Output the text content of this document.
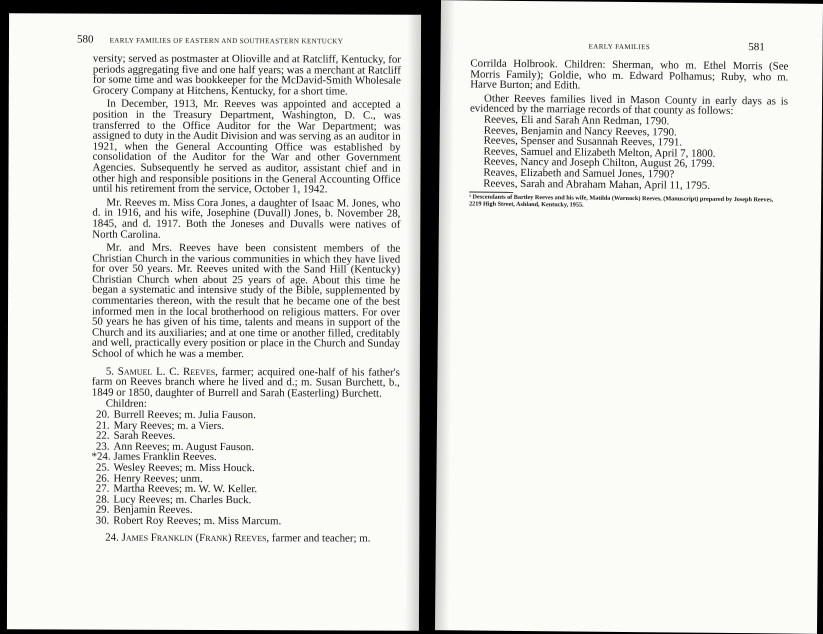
580 EARLY FAMILIES OF EASTERN AND SOUTHEASTERN KENTUCKY

versity; served as postmaster at Olioville and at Ratcliff, Kentucky, for periods aggregating five and one half years; was a merchant at Ratcliff for some time and was bookkeeper for the McDavid-Smith Wholesale Grocery Company at Hitchens, Kentucky, for a short time.

In December, 1913, Mr. Reeves was appointed and accepted a position in the Treasury Department, Washington, D. C., was transferred to the Office Auditor for the War Department; was assigned to duty in the Audit Division and was serving as an auditor in 1921, when the General Accounting Office was established by consolidation of the Auditor for the War and other Government Agencies. Subsequently he served as auditor, assistant chief and in other high and responsible positions in the General Accounting Office until his retirement from the service, October 1, 1942.

Mr. Reeves m. Miss Cora Jones, a daughter of Isaac M. Jones, who d. in 1916, and his wife, Josephine (Duvall) Jones, b. November 28, 1845, and d. 1917. Both the Joneses and Duvalls were natives of North Carolina.

Mr. and Mrs. Reeves have been consistent members of the Christian Church in the various communities in which they have lived for over 50 years. Mr. Reeves united with the Sand Hill (Kentucky) Christian Church when about 25 years of age. About this time he began a systematic and intensive study of the Bible, supplemented by commentaries thereon, with the result that he became one of the best informed men in the local brotherhood on religious matters. For over 50 years he has given of his time, talents and means in support of the Church and its auxiliaries; and at one time or another filled, creditably and well, practically every position or place in the Church and Sunday School of which he was a member.

5. Samuel L. C. Reeves, farmer; acquired one-half of his father's farm on Reeves branch where he lived and d.; m. Susan Burchett, b., 1849 or 1850, daughter of Burrell and Sarah (Easterling) Burchett.

Children:

20. Burrell Reeves; m. Julia Fauson.
21. Mary Reeves; m. a Viers.
22. Sarah Reeves.
23. Ann Reeves; m. August Fauson.
*24. James Franklin Reeves.
25. Wesley Reeves; m. Miss Houck.
26. Henry Reeves; unm.
27. Martha Reeves; m. W. W. Keller.
28. Lucy Reeves; m. Charles Buck.
29. Benjamin Reeves.
30. Robert Roy Reeves; m. Miss Marcum.

24. James Franklin (Frank) Reeves, farmer and teacher; m.

EARLY FAMILIES	581

Corrilda Holbrook. Children: Sherman, who m. Ethel Morris (See Morris Family); Goldie, who m. Edward Polhamus; Ruby, who m. Harve Burton; and Edith.

Other Reeves families lived in Mason County in early days as is evidenced by the marriage records of that county as follows:

Reeves, Eli and Sarah Ann Redman, 1790.
Reeves, Benjamin and Nancy Reeves, 1790.
Reeves, Spenser and Susannah Reeves, 1791.
Reeves, Samuel and Elizabeth Melton, April 7, 1800.
Reeves, Nancy and Joseph Chilton, August 26, 1799.
Reaves, Elizabeth and Samuel Jones, 1790?
Reeves, Sarah and Abraham Mahan, April 11, 1795.

¹ Descendants of Bartley Reeves and his wife, Matilda (Warnock) Reeves, (Manuscript) prepared by Joseph Reeves, 2219 High Street, Ashland, Kentucky, 1955.
